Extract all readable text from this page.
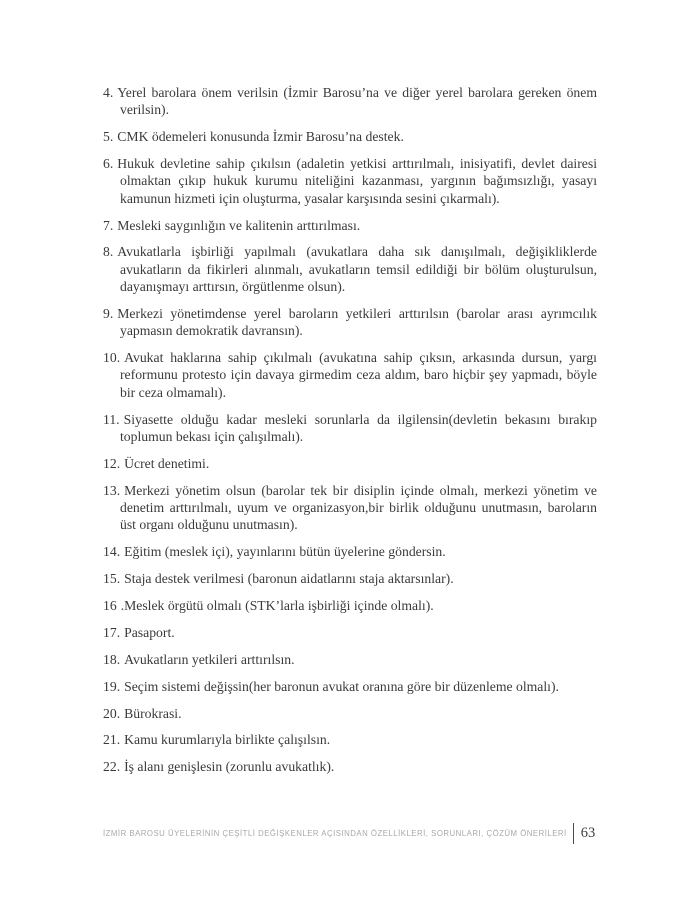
4. Yerel barolara önem verilsin (İzmir Barosu’na ve diğer yerel barolara gereken önem verilsin).

5. CMK ödemeleri konusunda İzmir Barosu’na destek.

6. Hukuk devletine sahip çıkılsın (adaletin yetkisi arttırılmalı, inisiyatifi, devlet dairesi olmaktan çıkıp hukuk kurumu niteliğini kazanması, yargının bağımsızlığı, yasayı kamunun hizmeti için oluşturma, yasalar karşısında sesini çıkarmalı).

7. Mesleki saygınlığın ve kalitenin arttırılması.

8. Avukatlarla işbirliği yapılmalı (avukatlara daha sık danışılmalı, değişikliklerde avukatların da fikirleri alınmalı, avukatların temsil edildiği bir bölüm oluşturulsun, dayanışmayı arttırsın, örgütlenme olsun).

9. Merkezi yönetimdense yerel baroların yetkileri arttırılsın (barolar arası ayrımcılık yapmasın demokratik davransın).

10. Avukat haklarına sahip çıkılmalı (avukatına sahip çıksın, arkasında dursun, yargı reformunu protesto için davaya girmedim ceza aldım, baro hiçbir şey yapmadı, böyle bir ceza olmamalı).

11. Siyasette olduğu kadar mesleki sorunlarla da ilgilensin(devletin bekasını bırakıp toplumun bekası için çalışılmalı).

12. Ücret denetimi.

13. Merkezi yönetim olsun (barolar tek bir disiplin içinde olmalı, merkezi yönetim ve denetim arttırılmalı, uyum ve organizasyon,bir birlik olduğunu unutmasın, baroların üst organı olduğunu unutmasın).

14. Eğitim (meslek içi), yayınlarını bütün üyelerine göndersin.

15. Staja destek verilmesi (baronun aidatlarını staja aktarsınlar).

16 .Meslek örgütü olmalı (STK’larla işbirliği içinde olmalı).

17. Pasaport.

18. Avukatların yetkileri arttırılsın.

19. Seçim sistemi değişsin(her baronun avukat oranına göre bir düzenleme olmalı).

20. Bürokrasi.

21. Kamu kurumlarıyla birlikte çalışılsın.

22. İş alanı genişlesin (zorunlu avukatlık).

İZMİR BAROSU ÜYELERİNİN ÇEŞİTLİ DEĞİŞKENLER AÇISINDAN ÖZELLİKLERİ, SORUNLARI, ÇÖZÜM ÖNERİLERİ 63
